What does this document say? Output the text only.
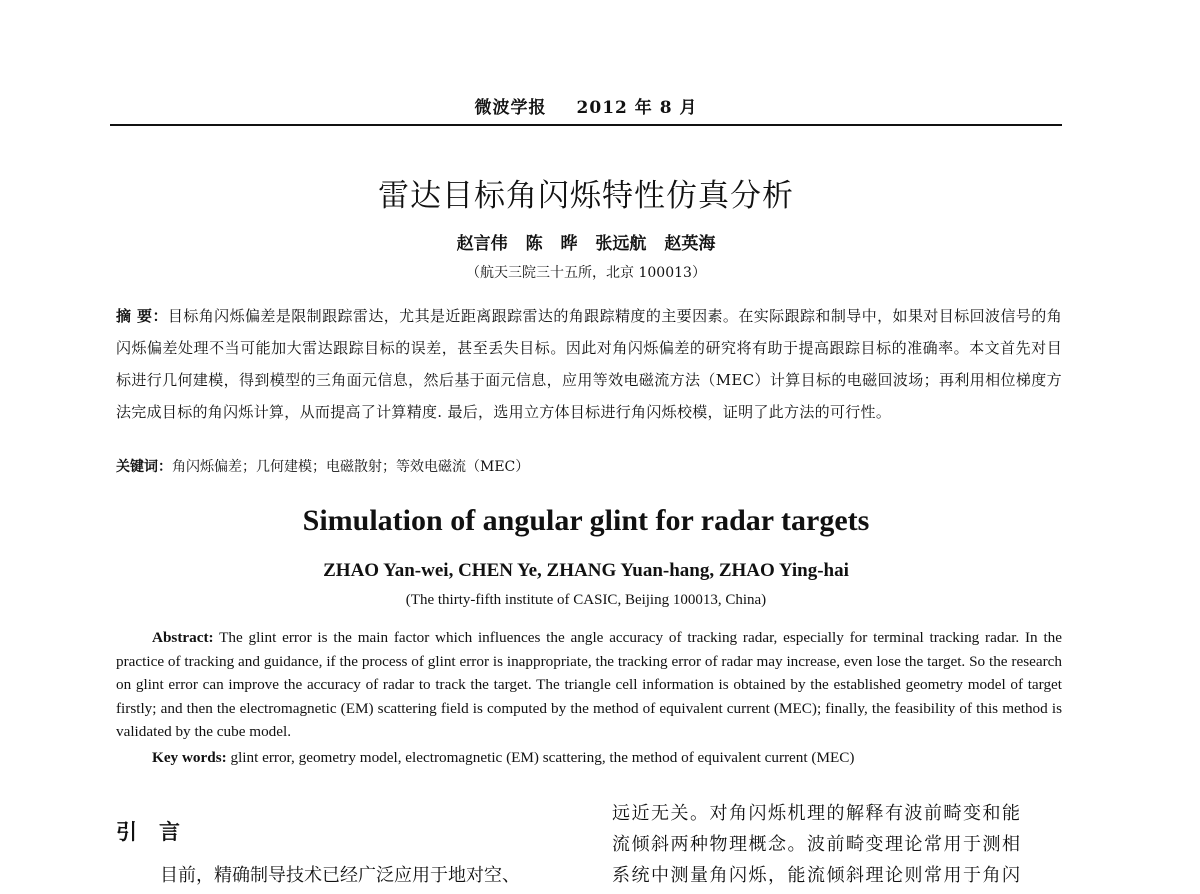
微波学报 2012 年 8 月
雷达目标角闪烁特性仿真分析
赵言伟 陈 晔 张远航 赵英海
（航天三院三十五所，北京 100013）
摘 要：目标角闪烁偏差是限制跟踪雷达，尤其是近距离跟踪雷达的角跟踪精度的主要因素。在实际跟踪和制导中，如果对目标回波信号的角闪烁偏差处理不当可能加大雷达跟踪目标的误差，甚至丢失目标。因此对角闪烁偏差的研究将有助于提高跟踪目标的准确率。本文首先对目标进行几何建模，得到模型的三角面元信息，然后基于面元信息，应用等效电磁流方法（MEC）计算目标的电磁回波场；再利用相位梯度方法完成目标的角闪烁计算，从而提高了计算精度. 最后，选用立方体目标进行角闪烁校模，证明了此方法的可行性。
关键词：角闪烁偏差；几何建模；电磁散射；等效电磁流（MEC）
Simulation of angular glint for radar targets
ZHAO Yan-wei, CHEN Ye, ZHANG Yuan-hang, ZHAO Ying-hai
(The thirty-fifth institute of CASIC, Beijing 100013, China)
Abstract: The glint error is the main factor which influences the angle accuracy of tracking radar, especially for terminal tracking radar. In the practice of tracking and guidance, if the process of glint error is inappropriate, the tracking error of radar may increase, even lose the target. So the research on glint error can improve the accuracy of radar to track the target. The triangle cell information is obtained by the established geometry model of target firstly; and then the electromagnetic (EM) scattering field is computed by the method of equivalent current (MEC); finally, the feasibility of this method is validated by the cube model.
Key words: glint error, geometry model, electromagnetic (EM) scattering, the method of equivalent current (MEC)
引言
目前，精确制导技术已经广泛应用于地对空、

远近无关。对角闪烁机理的解释有波前畸变和能

流倾斜两种物理概念。波前畸变理论常用于测相

系统中测量角闪烁，能流倾斜理论则常用于角闪
